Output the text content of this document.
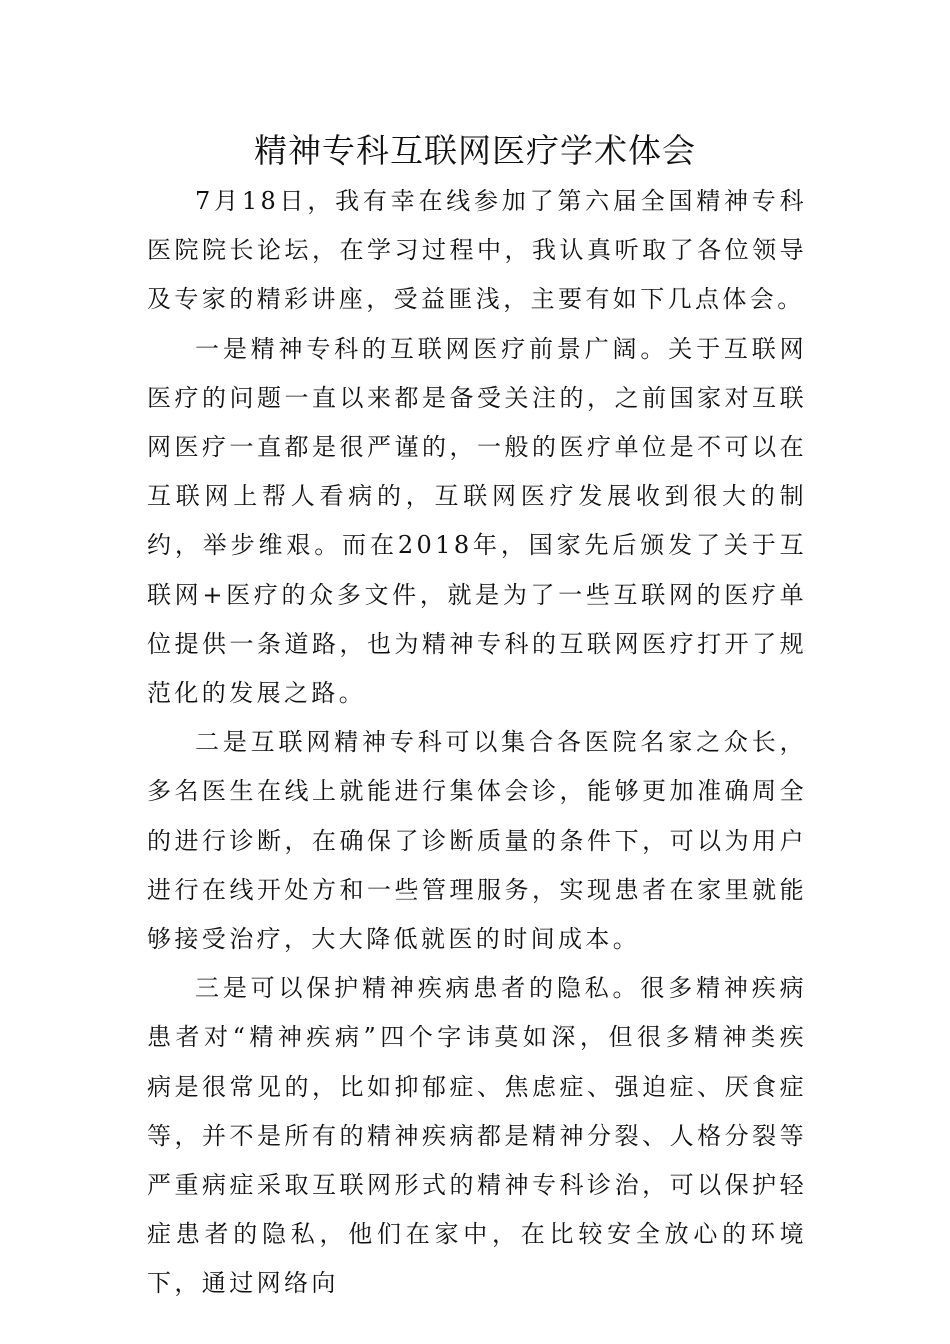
精神专科互联网医疗学术体会

7月18日，我有幸在线参加了第六届全国精神专科医院院长论坛，在学习过程中，我认真听取了各位领导及专家的精彩讲座，受益匪浅，主要有如下几点体会。

一是精神专科的互联网医疗前景广阔。关于互联网医疗的问题一直以来都是备受关注的，之前国家对互联网医疗一直都是很严谨的，一般的医疗单位是不可以在互联网上帮人看病的，互联网医疗发展收到很大的制约，举步维艰。而在2018年，国家先后颁发了关于互联网+医疗的众多文件，就是为了一些互联网的医疗单位提供一条道路，也为精神专科的互联网医疗打开了规范化的发展之路。

二是互联网精神专科可以集合各医院名家之众长，多名医生在线上就能进行集体会诊，能够更加准确周全的进行诊断，在确保了诊断质量的条件下，可以为用户进行在线开处方和一些管理服务，实现患者在家里就能够接受治疗，大大降低就医的时间成本。

三是可以保护精神疾病患者的隐私。很多精神疾病患者对“精神疾病”四个字讳莫如深，但很多精神类疾病是很常见的，比如抑郁症、焦虑症、强迫症、厌食症等，并不是所有的精神疾病都是精神分裂、人格分裂等严重病症采取互联网形式的精神专科诊治，可以保护轻症患者的隐私，他们在家中，在比较安全放心的环境下，通过网络向
